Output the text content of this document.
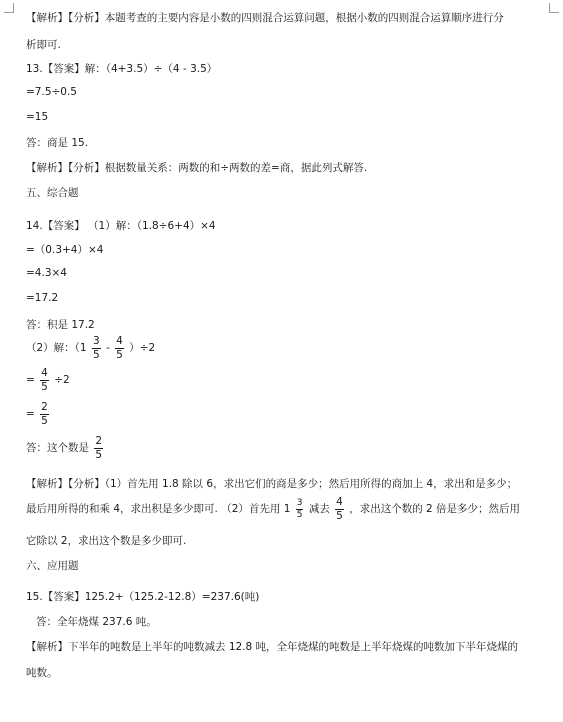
【解析】【分析】本题考查的主要内容是小数的四则混合运算问题，根据小数的四则混合运算顺序进行分
析即可.
13.【答案】解：（4+3.5）÷（4 - 3.5）
=7.5÷0.5
=15
答：商是 15.
【解析】【分析】根据数量关系：两数的和÷两数的差=商，据此列式解答.
五、综合题
14.【答案】 （1）解：（1.8÷6+4）×4
=（0.3+4）×4
=4.3×4
=17.2
答：积是 17.2
（2）解：$(1 \frac{3}{5} - \frac{4}{5} )\div 2$
= $\frac{4}{5} \div 2$
= $\frac{2}{5}$
答：这个数是 $\frac{2}{5}$
【解析】【分析】（1）首先用 1.8 除以 6，求出它们的商是多少；然后用所得的商加上 4，求出和是多少；
最后用所得的和乘 4，求出积是多少即可. （2）首先用 $1 \frac{3}{5}$ 减去 $\frac{4}{5}$ ，求出这个数的 2 倍是多少；然后用
它除以 2，求出这个数是多少即可.
六、应用题
15.【答案】125.2+（125.2-12.8）=237.6(吨)
答：全年烧煤 237.6 吨。
【解析】下半年的吨数是上半年的吨数减去 12.8 吨，全年烧煤的吨数是上半年烧煤的吨数加下半年烧煤的
吨数。
